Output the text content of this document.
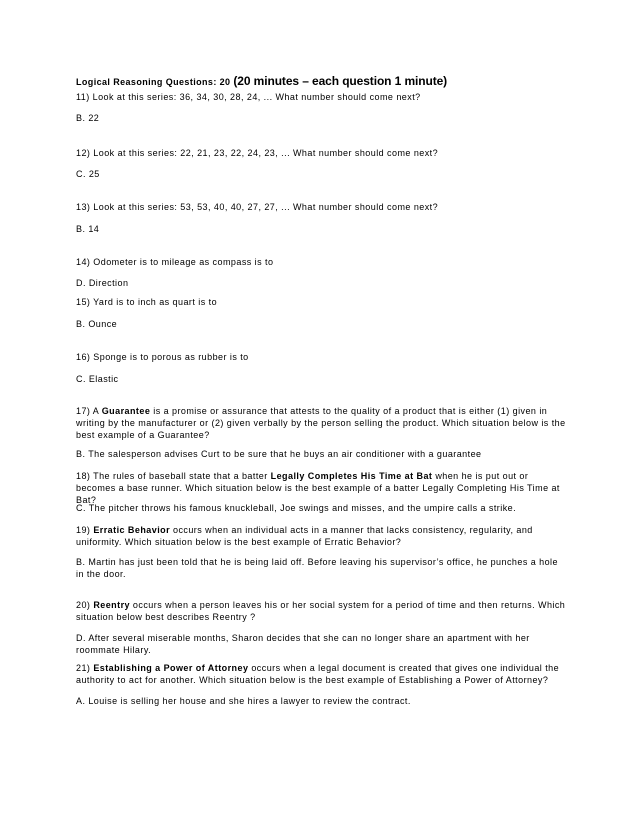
Logical Reasoning Questions: 20 (20 minutes – each question 1 minute)
11) Look at this series: 36, 34, 30, 28, 24, ... What number should come next?
B. 22
12) Look at this series: 22, 21, 23, 22, 24, 23, ... What number should come next?
C. 25
13) Look at this series: 53, 53, 40, 40, 27, 27, ... What number should come next?
B. 14
14) Odometer is to mileage as compass is to
D. Direction
15) Yard is to inch as quart is to
B. Ounce
16) Sponge is to porous as rubber is to
C. Elastic
17) A Guarantee is a promise or assurance that attests to the quality of a product that is either (1) given in writing by the manufacturer or (2) given verbally by the person selling the product. Which situation below is the best example of a Guarantee?
B. The salesperson advises Curt to be sure that he buys an air conditioner with a guarantee
18) The rules of baseball state that a batter Legally Completes His Time at Bat when he is put out or becomes a base runner. Which situation below is the best example of a batter Legally Completing His Time at Bat?
C. The pitcher throws his famous knuckleball, Joe swings and misses, and the umpire calls a strike.
19) Erratic Behavior occurs when an individual acts in a manner that lacks consistency, regularity, and uniformity. Which situation below is the best example of Erratic Behavior?
B. Martin has just been told that he is being laid off. Before leaving his supervisor’s office, he punches a hole in the door.
20) Reentry occurs when a person leaves his or her social system for a period of time and then returns. Which situation below best describes Reentry ?
D. After several miserable months, Sharon decides that she can no longer share an apartment with her roommate Hilary.
21) Establishing a Power of Attorney occurs when a legal document is created that gives one individual the authority to act for another. Which situation below is the best example of Establishing a Power of Attorney?
A. Louise is selling her house and she hires a lawyer to review the contract.
